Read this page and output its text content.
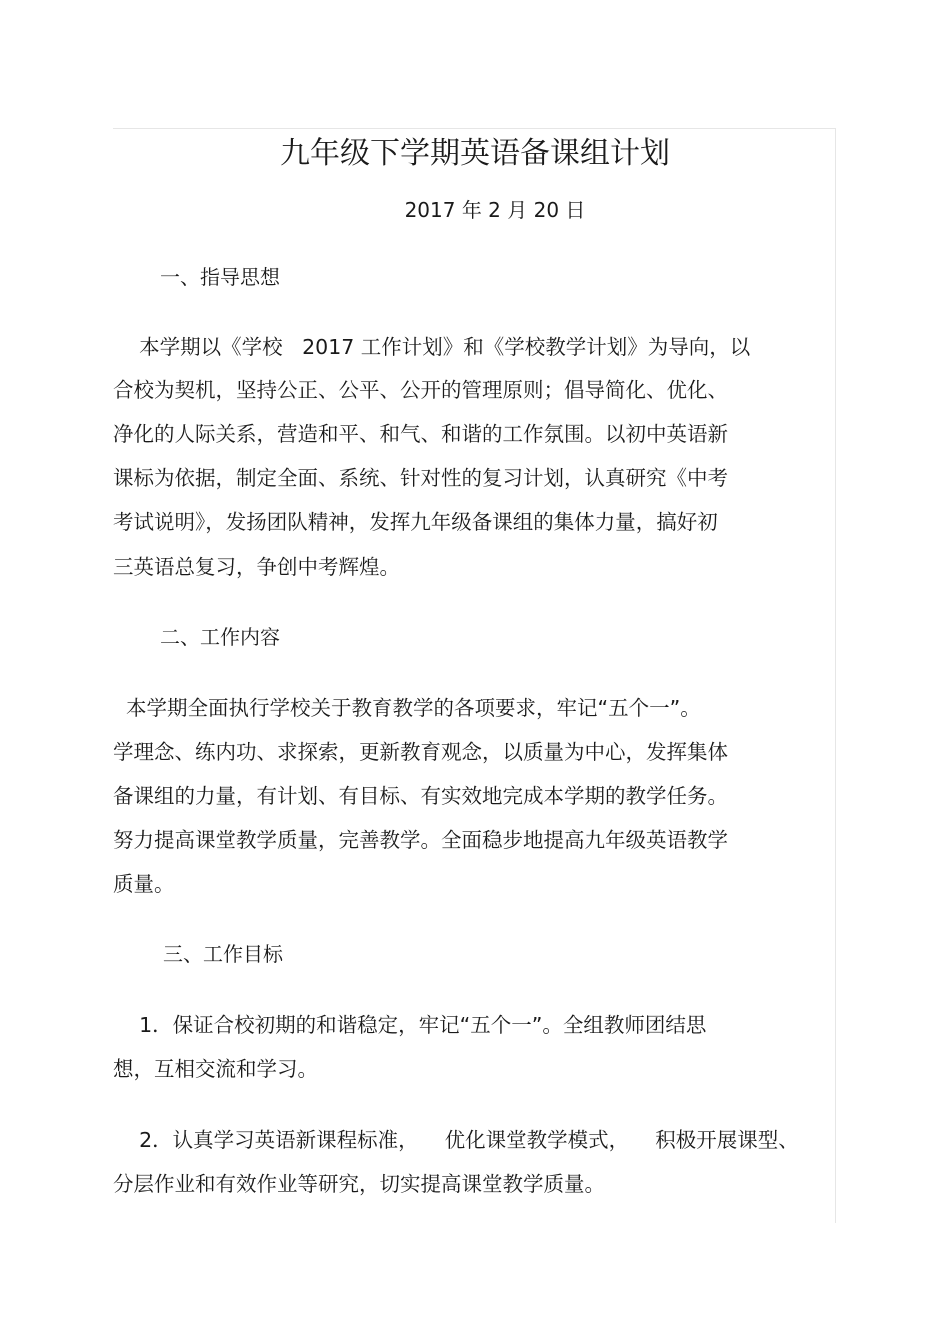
九年级下学期英语备课组计划

2017 年 2 月 20 日

一、指导思想

本学期以《学校   2017 工作计划》和《学校教学计划》为导向，以

合校为契机，坚持公正、公平、公开的管理原则；倡导简化、优化、

净化的人际关系，营造和平、和气、和谐的工作氛围。以初中英语新

课标为依据，制定全面、系统、针对性的复习计划，认真研究《中考

考试说明》，发扬团队精神，发挥九年级备课组的集体力量，搞好初

三英语总复习，争创中考辉煌。

二、工作内容

本学期全面执行学校关于教育教学的各项要求，牢记“五个一”。

学理念、练内功、求探索，更新教育观念，以质量为中心，发挥集体

备课组的力量，有计划、有目标、有实效地完成本学期的教学任务。

努力提高课堂教学质量，完善教学。全面稳步地提高九年级英语教学

质量。

三、工作目标

1．保证合校初期的和谐稳定，牢记“五个一”。全组教师团结思

想，互相交流和学习。

2．认真学习英语新课程标准，    优化课堂教学模式，    积极开展课型、

分层作业和有效作业等研究，切实提高课堂教学质量。
